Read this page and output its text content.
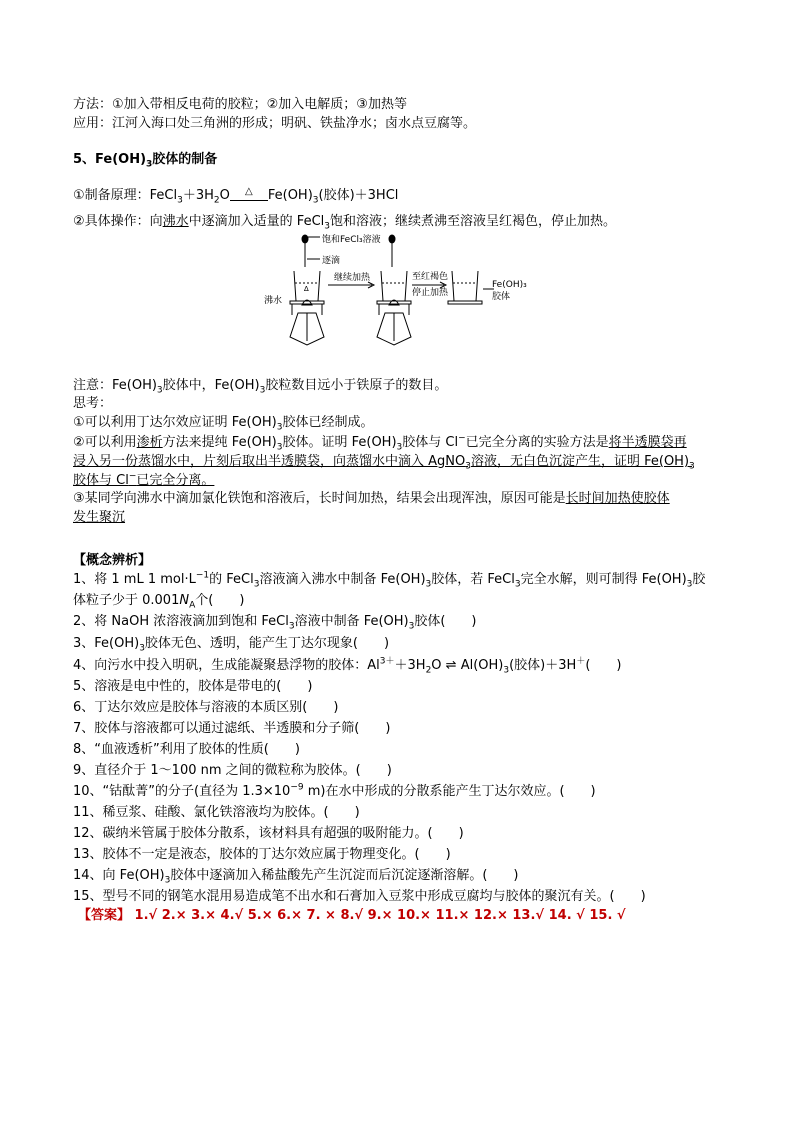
方法：①加入带相反电荷的胶粒；②加入电解质；③加热等
应用：江河入海口处三角洲的形成；明矾、铁盐净水；卤水点豆腐等。
5、$Fe(OH)_3$胶体的制备
①制备原理：$FeCl_3+3H_2O$ △ $Fe(OH)_3$(胶体)＋3HCl
②具体操作：向沸水中逐滴加入适量的 FeCl$_3$饱和溶液；继续煮沸至溶液呈红褐色，停止加热。
∆
饱和FeCl₃溶液
逐滴
沸水
继续加热	至红褐色
停止加热
Fe(OH)₃
胶体
注意：$Fe(OH)_3$胶体中，$Fe(OH)_3$胶粒数目远小于铁原子的数目。
思考：
①可以利用丁达尔效应证明 $Fe(OH)_3$胶体已经制成。
②可以利用渗析方法来提纯 $Fe(OH)_3$胶体。证明 $Fe(OH)_3$胶体与 Cl−已完全分离的实验方法是将半透膜袋再
浸入另一份蒸馏水中，片刻后取出半透膜袋，向蒸馏水中滴入 AgNO$_3$溶液，无白色沉淀产生，证明 $Fe(OH)_3$
胶体与 Cl−已完全分离。
③某同学向沸水中滴加氯化铁饱和溶液后，长时间加热，结果会出现浑浊，原因可能是长时间加热使胶体
发生聚沉
【概念辨析】
1、将 1 mL 1 $mol\cdot L^{-1}$的 FeCl$_3$溶液滴入沸水中制备 $Fe(OH)_3$胶体，若 FeCl$_3$完全水解，则可制得 $Fe(OH)_3$胶
体粒子少于 $0.001N_A$个(　　)
2、将 NaOH 浓溶液滴加到饱和 FeCl$_3$溶液中制备 $Fe(OH)_3$胶体(　　)
3、$Fe(OH)_3$胶体无色、透明，能产生丁达尔现象(　　)
4、向污水中投入明矾，生成能凝聚悬浮物的胶体：$Al^{3+}+3H_2O$ ⇌ $Al(OH)_3$(胶体)＋3H＋(　　)
5、溶液是电中性的，胶体是带电的(　　)
6、丁达尔效应是胶体与溶液的本质区别(　　)
7、胶体与溶液都可以通过滤纸、半透膜和分子筛(　　)
8、“血液透析”利用了胶体的性质(　　)
9、直径介于 1～100 nm 之间的微粒称为胶体。(　　)
10、“钴酞菁”的分子(直径为 $1.3\times 10^{-9}$ m)在水中形成的分散系能产生丁达尔效应。(　　)
11、稀豆浆、硅酸、氯化铁溶液均为胶体。(　　)
12、碳纳米管属于胶体分散系，该材料具有超强的吸附能力。(　　)
13、胶体不一定是液态，胶体的丁达尔效应属于物理变化。(　　)
14、向 $Fe(OH)_3$胶体中逐滴加入稀盐酸先产生沉淀而后沉淀逐渐溶解。(　　)
15、型号不同的钢笔水混用易造成笔不出水和石膏加入豆浆中形成豆腐均与胶体的聚沉有关。(　　)
【答案】 1.√ 2.× 3.× 4.√ 5.× 6.× 7. × 8.√ 9.× 10.× 11.× 12.× 13.√ 14. √ 15. √
